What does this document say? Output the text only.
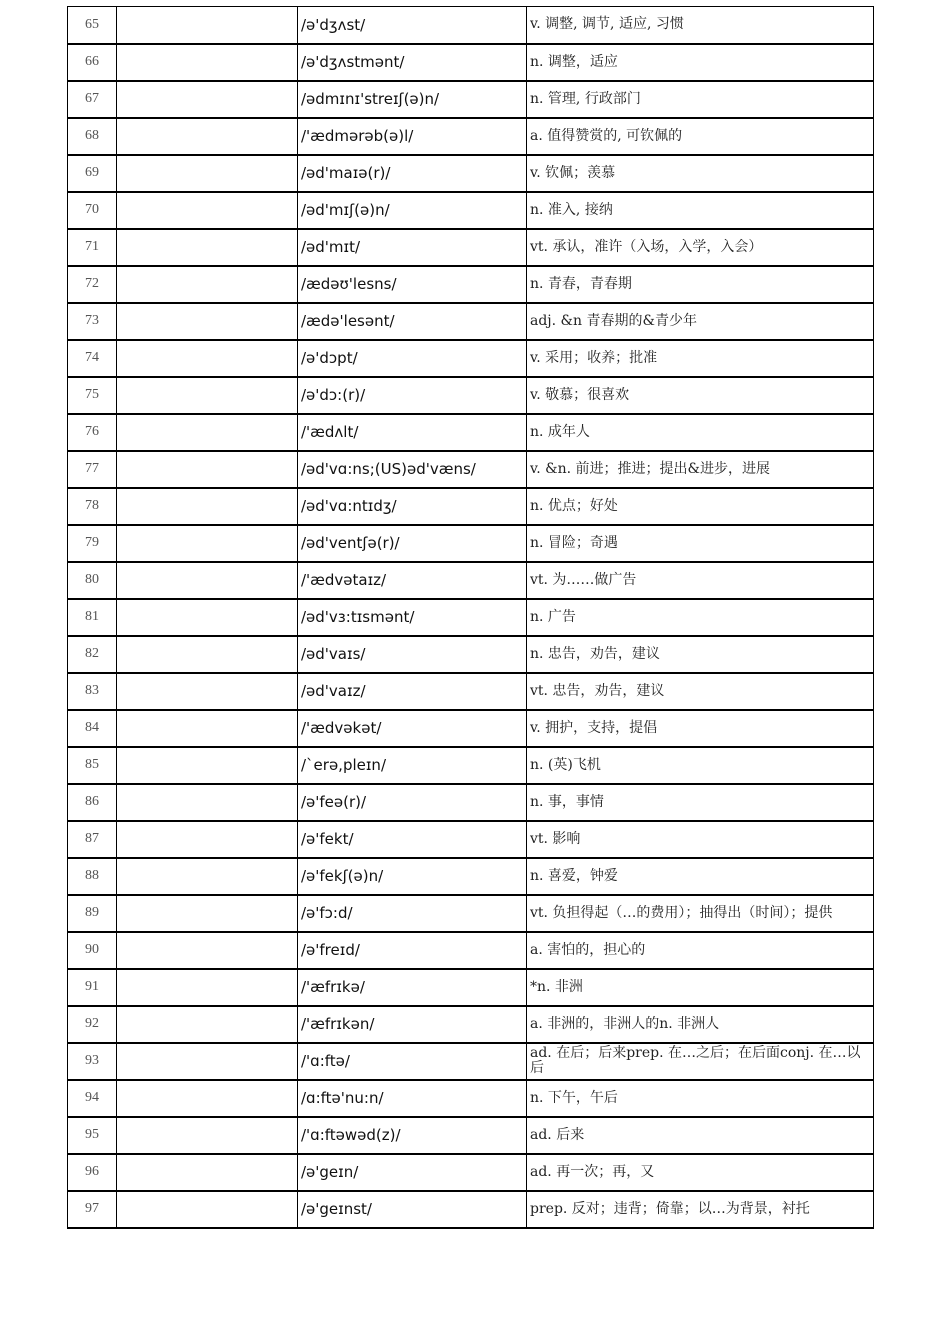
65		/ə'dʒʌst/	v. 调整, 调节, 适应, 习惯
66		/ə'dʒʌstmənt/	n. 调整，适应
67		/ədmɪnɪ'streɪʃ(ə)n/	n. 管理, 行政部门
68		/'ædmərəb(ə)l/	a. 值得赞赏的, 可钦佩的
69		/əd'maɪə(r)/	v. 钦佩；羡慕
70		/əd'mɪʃ(ə)n/	n. 准入, 接纳
71		/əd'mɪt/	vt. 承认，准许（入场，入学，入会）
72		/ædəʊ'lesns/	n. 青春，青春期
73		/ædə'lesənt/	adj. &n 青春期的&青少年
74		/ə'dɔpt/	v. 采用；收养；批准
75		/ə'dɔ:(r)/	v. 敬慕；很喜欢
76		/'ædʌlt/	n. 成年人
77		/əd'vɑ:ns;(US)əd'væns/	v. &n. 前进；推进；提出&进步，进展
78		/əd'vɑ:ntɪdʒ/	n. 优点；好处
79		/əd'ventʃə(r)/	n. 冒险；奇遇
80		/'ædvətaɪz/	vt. 为……做广告
81		/əd'vɜ:tɪsmənt/	n. 广告
82		/əd'vaɪs/	n. 忠告，劝告，建议
83		/əd'vaɪz/	vt. 忠告，劝告，建议
84		/'ædvəkət/	v. 拥护，支持，提倡
85		/`erə,pleɪn/	n. (英)飞机
86		/ə'feə(r)/	n. 事，事情
87		/ə'fekt/	vt. 影响
88		/ə'fekʃ(ə)n/	n. 喜爱，钟爱
89		/ə'fɔ:d/	vt. 负担得起（…的费用）；抽得出（时间）；提供
90		/ə'freɪd/	a. 害怕的，担心的
91		/'æfrɪkə/	*n. 非洲
92		/'æfrɪkən/	a. 非洲的，非洲人的n. 非洲人
93		/'ɑ:ftə/	ad. 在后；后来prep. 在…之后；在后面conj. 在…以后
94		/ɑ:ftə'nu:n/	n. 下午，午后
95		/'ɑ:ftəwəd(z)/	ad. 后来
96		/ə'geɪn/	ad. 再一次；再，又
97		/ə'geɪnst/	prep. 反对；违背；倚靠；以…为背景，衬托
